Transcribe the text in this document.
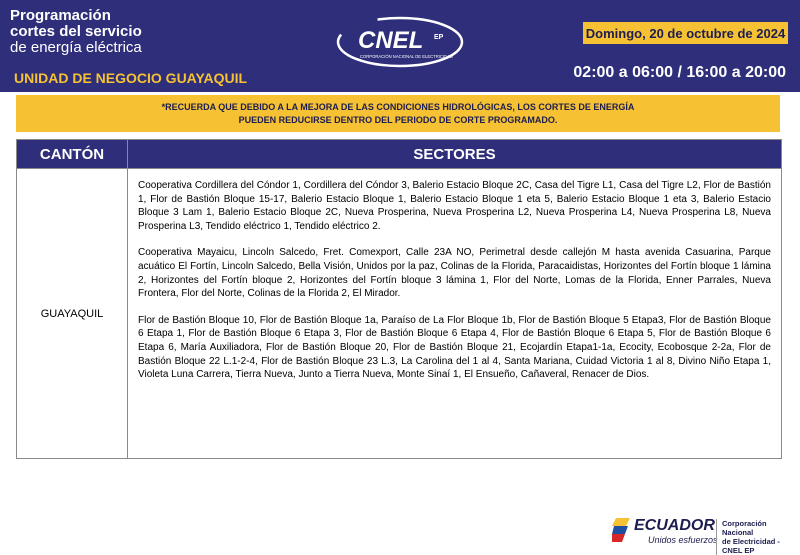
Programación
cortes del servicio
de energía eléctrica
UNIDAD DE NEGOCIO GUAYAQUIL
CNEL EP
CORPORACIÓN NACIONAL DE ELECTRICIDAD
Domingo, 20 de octubre de 2024
02:00 a 06:00 / 16:00 a 20:00
*RECUERDA QUE DEBIDO A LA MEJORA DE LAS CONDICIONES HIDROLÓGICAS, LOS CORTES DE ENERGÍA
PUEDEN REDUCIRSE DENTRO DEL PERIODO DE CORTE PROGRAMADO.
CANTÓN	SECTORES
GUAYAQUIL	Cooperativa Cordillera del Cóndor 1, Cordillera del Cóndor 3, Balerio Estacio Bloque 2C, Casa del Tigre L1, Casa del Tigre L2, Flor de Bastión 1, Flor de Bastión Bloque 15-17, Balerio Estacio Bloque 1, Balerio Estacio Bloque 1 eta 5, Balerio Estacio Bloque 1 eta 3, Balerio Estacio Bloque 3 Lam 1, Balerio Estacio Bloque 2C, Nueva Prosperina, Nueva Prosperina L2, Nueva Prosperina L4, Nueva Prosperina L8, Nueva Prosperina L3, Tendido eléctrico 1, Tendido eléctrico 2.

Cooperativa Mayaicu, Lincoln Salcedo, Fret. Comexport, Calle 23A NO, Perimetral desde callejón M hasta avenida Casuarina, Parque acuático El Fortín, Lincoln Salcedo, Bella Visión, Unidos por la paz, Colinas de la Florida, Paracaidistas, Horizontes del Fortín bloque 1 lámina 2, Horizontes del Fortín bloque 2, Horizontes del Fortín bloque 3 lámina 1, Flor del Norte, Lomas de la Florida, Enner Parrales, Nueva Frontera, Flor del Norte, Colinas de la Florida 2, El Mirador.

Flor de Bastión Bloque 10, Flor de Bastión Bloque 1a, Paraíso de La Flor Bloque 1b, Flor de Bastión Bloque 5 Etapa3, Flor de Bastión Bloque 6 Etapa 1, Flor de Bastión Bloque 6 Etapa 3, Flor de Bastión Bloque 6 Etapa 4, Flor de Bastión Bloque 6 Etapa 5, Flor de Bastión Bloque 6 Etapa 6, María Auxiliadora, Flor de Bastión Bloque 20, Flor de Bastión Bloque 21, Ecojardín Etapa1-1a, Ecocity, Ecobosque 2-2a, Flor de Bastión Bloque 22 L.1-2-4, Flor de Bastión Bloque 23 L.3, La Carolina del 1 al 4, Santa Mariana, Cuidad Victoria 1 al 8, Divino Niño Etapa 1, Violeta Luna Carrera, Tierra Nueva, Junto a Tierra Nueva, Monte Sinaí 1, El Ensueño, Cañaveral, Renacer de Dios.

ECUADOR
Unidos esfuerzos
Corporación Nacional
de Electricidad - CNEL EP
